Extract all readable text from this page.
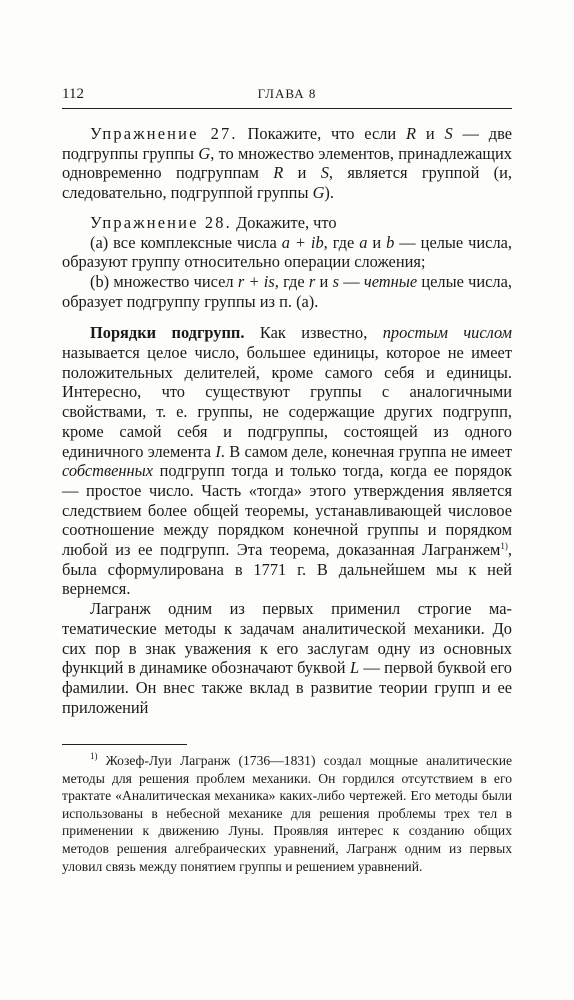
112	ГЛАВА 8

Упражнение 27. Покажите, что если R и S — две подгруппы группы G, то множество элементов, принадлежащих одновременно подгруппам R и S, является группой (и, следовательно, подгруппой группы G).

Упражнение 28. Докажите, что

(a) все комплексные числа a + ib, где a и b — целые числа, образуют группу относительно операции сложения;

(b) множество чисел r + is, где r и s — четные целые числа, образует подгруппу группы из п. (a).

Порядки подгрупп. Как известно, простым числом называется целое число, большее единицы, которое не имеет положительных делителей, кроме самого себя и единицы. Интересно, что существуют группы с аналогичными свойствами, т. е. группы, не содержащие других подгрупп, кроме самой себя и подгруппы, состоящей из одного единичного элемента I. В самом деле, конечная группа не имеет собственных подгрупп тогда и только тогда, когда ее порядок — простое число. Часть «тогда» этого утверждения является следствием более общей теоремы, устанавливающей числовое соотношение между порядком конечной группы и порядком любой из ее подгрупп. Эта теорема, доказанная Лагранжем$^{1)}$, была сформулирована в 1771 г. В дальнейшем мы к ней вернемся.

Лагранж одним из первых применил строгие математические методы к задачам аналитической механики. До сих пор в знак уважения к его заслугам одну из основных функций в динамике обозначают буквой L — первой буквой его фамилии. Он внес также вклад в развитие теории групп и ее приложений

$^{1)}$ Жозеф-Луи Лагранж (1736—1831) создал мощные аналитические методы для решения проблем механики. Он гордился отсутствием в его трактате «Аналитическая механика» каких-либо чертежей. Его методы были использованы в небесной механике для решения проблемы трех тел в применении к движению Луны. Проявляя интерес к созданию общих методов решения алгебраических уравнений, Лагранж одним из первых уловил связь между понятием группы и решением уравнений.
